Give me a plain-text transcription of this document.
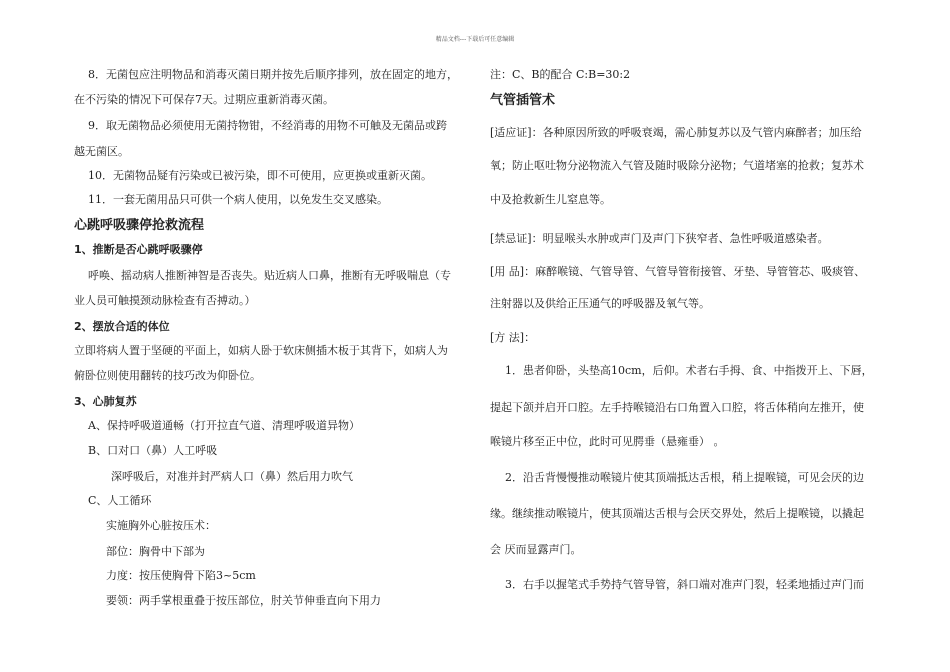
精品文档---下载后可任意编辑

8．无菌包应注明物品和消毒灭菌日期并按先后顺序排列，放在固定的地方，

在不污染的情况下可保存7天。过期应重新消毒灭菌。

9．取无菌物品必须使用无菌持物钳，不经消毒的用物不可触及无菌品或跨

越无菌区。

10．无菌物品疑有污染或已被污染，即不可使用，应更换或重新灭菌。

11．一套无菌用品只可供一个病人使用，以免发生交叉感染。

心跳呼吸骤停抢救流程

1、推断是否心跳呼吸骤停

呼唤、摇动病人推断神智是否丧失。贴近病人口鼻，推断有无呼吸喘息（专

业人员可触摸颈动脉检查有否搏动。）

2、摆放合适的体位

立即将病人置于坚硬的平面上，如病人卧于软床侧插木板于其背下，如病人为

俯卧位则使用翻转的技巧改为仰卧位。

3、心肺复苏

A、保持呼吸道通畅（打开拉直气道、清理呼吸道异物）

B、口对口（鼻）人工呼吸

深呼吸后，对准并封严病人口（鼻）然后用力吹气

C、人工循环

实施胸外心脏按压术：

部位：胸骨中下部为

力度：按压使胸骨下陷3~5cm

要领：两手掌根重叠于按压部位，肘关节伸垂直向下用力

注：C、B的配合 C:B=30:2

气管插管术

[适应证]：各种原因所致的呼吸衰竭，需心肺复苏以及气管内麻醉者；加压给

氧；防止呕吐物分泌物流入气管及随时吸除分泌物；气道堵塞的抢救；复苏术

中及抢救新生儿窒息等。

[禁忌证]：明显喉头水肿或声门及声门下狭窄者、急性呼吸道感染者。

[用 品]：麻醉喉镜、气管导管、气管导管衔接管、牙垫、导管管芯、吸痰管、

注射器以及供给正压通气的呼吸器及氧气等。

[方 法]：

1．患者仰卧，头垫高10cm，后仰。术者右手拇、食、中指拨开上、下唇，

提起下颌并启开口腔。左手持喉镜沿右口角置入口腔，将舌体稍向左推开，使

喉镜片移至正中位，此时可见腭垂（悬雍垂） 。

2．沿舌背慢慢推动喉镜片使其顶端抵达舌根，稍上提喉镜，可见会厌的边

缘。继续推动喉镜片，使其顶端达舌根与会厌交界处，然后上提喉镜，以撬起

会 厌而显露声门。

3．右手以握笔式手势持气管导管，斜口端对准声门裂，轻柔地插过声门而
